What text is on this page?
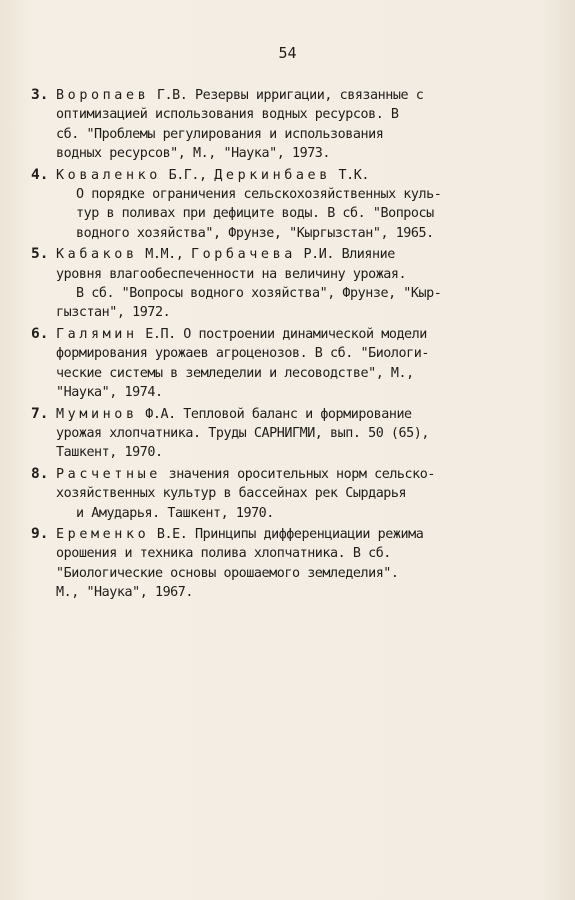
54
3. Воропаев Г.В. Резервы ирригации, связанные с
оптимизацией использования водных ресурсов. В
сб. "Проблемы регулирования и использования
водных ресурсов", М., "Наука", 1973.
4. Коваленко Б.Г., Деркинбаев Т.К.
О порядке ограничения сельскохозяйственных куль-
тур в поливах при дефиците воды. В сб. "Вопросы
водного хозяйства", Фрунзе, "Кыргызстан", 1965.
5. Кабаков М.М., Горбачева Р.И. Влияние
уровня влагообеспеченности на величину урожая.
В сб. "Вопросы водного хозяйства", Фрунзе, "Кыр-
гызстан", 1972.
6. Галямин Е.П. О построении динамической модели
формирования урожаев агроценозов. В сб. "Биологи-
ческие системы в земледелии и лесоводстве", М.,
"Наука", 1974.
7. Муминов Ф.А. Тепловой баланс и формирование
урожая хлопчатника. Труды САРНИГМИ, вып. 50 (65),
Ташкент, 1970.
8. Расчетные значения оросительных норм сельско-
хозяйственных культур в бассейнах рек Сырдарья
и Амударья. Ташкент, 1970.
9. Еременко В.Е. Принципы дифференциации режима
орошения и техника полива хлопчатника. В сб.
"Биологические основы орошаемого земледелия".
М., "Наука", 1967.
